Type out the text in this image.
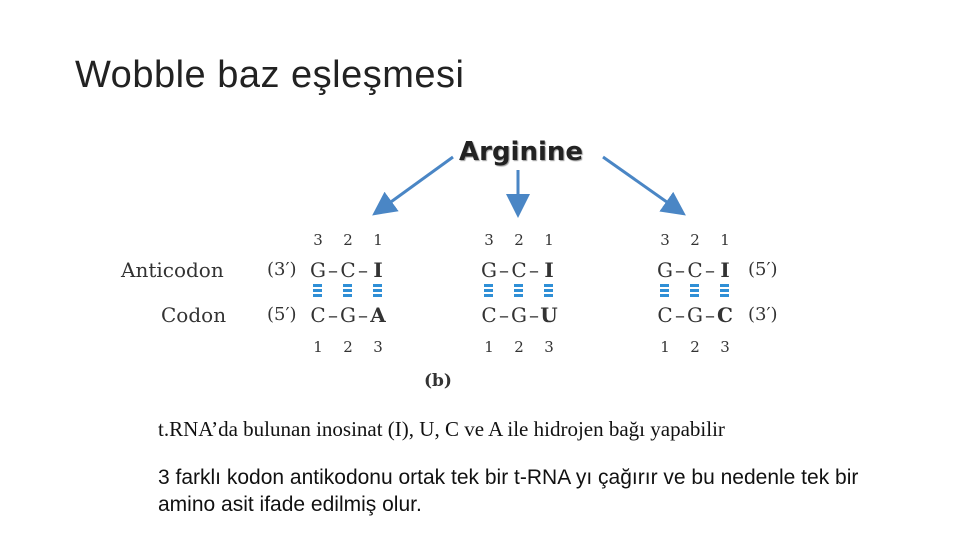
Wobble baz eşleşmesi
Arginine
Anticodon
Codon
(3′)
(5′)
(5′)
(3′)
3	2	1
G – C – I
C – G – A
1	2	3
3	2	1
G – C – I
C – G – U
1	2	3
3	2	1
G – C – I
C – G – C
1	2	3
(b)
t.RNA’da bulunan inosinat (I), U, C ve A ile hidrojen bağı yapabilir
3 farklı kodon antikodonu ortak tek bir t-RNA yı çağırır ve bu nedenle tek bir amino asit ifade edilmiş olur.
